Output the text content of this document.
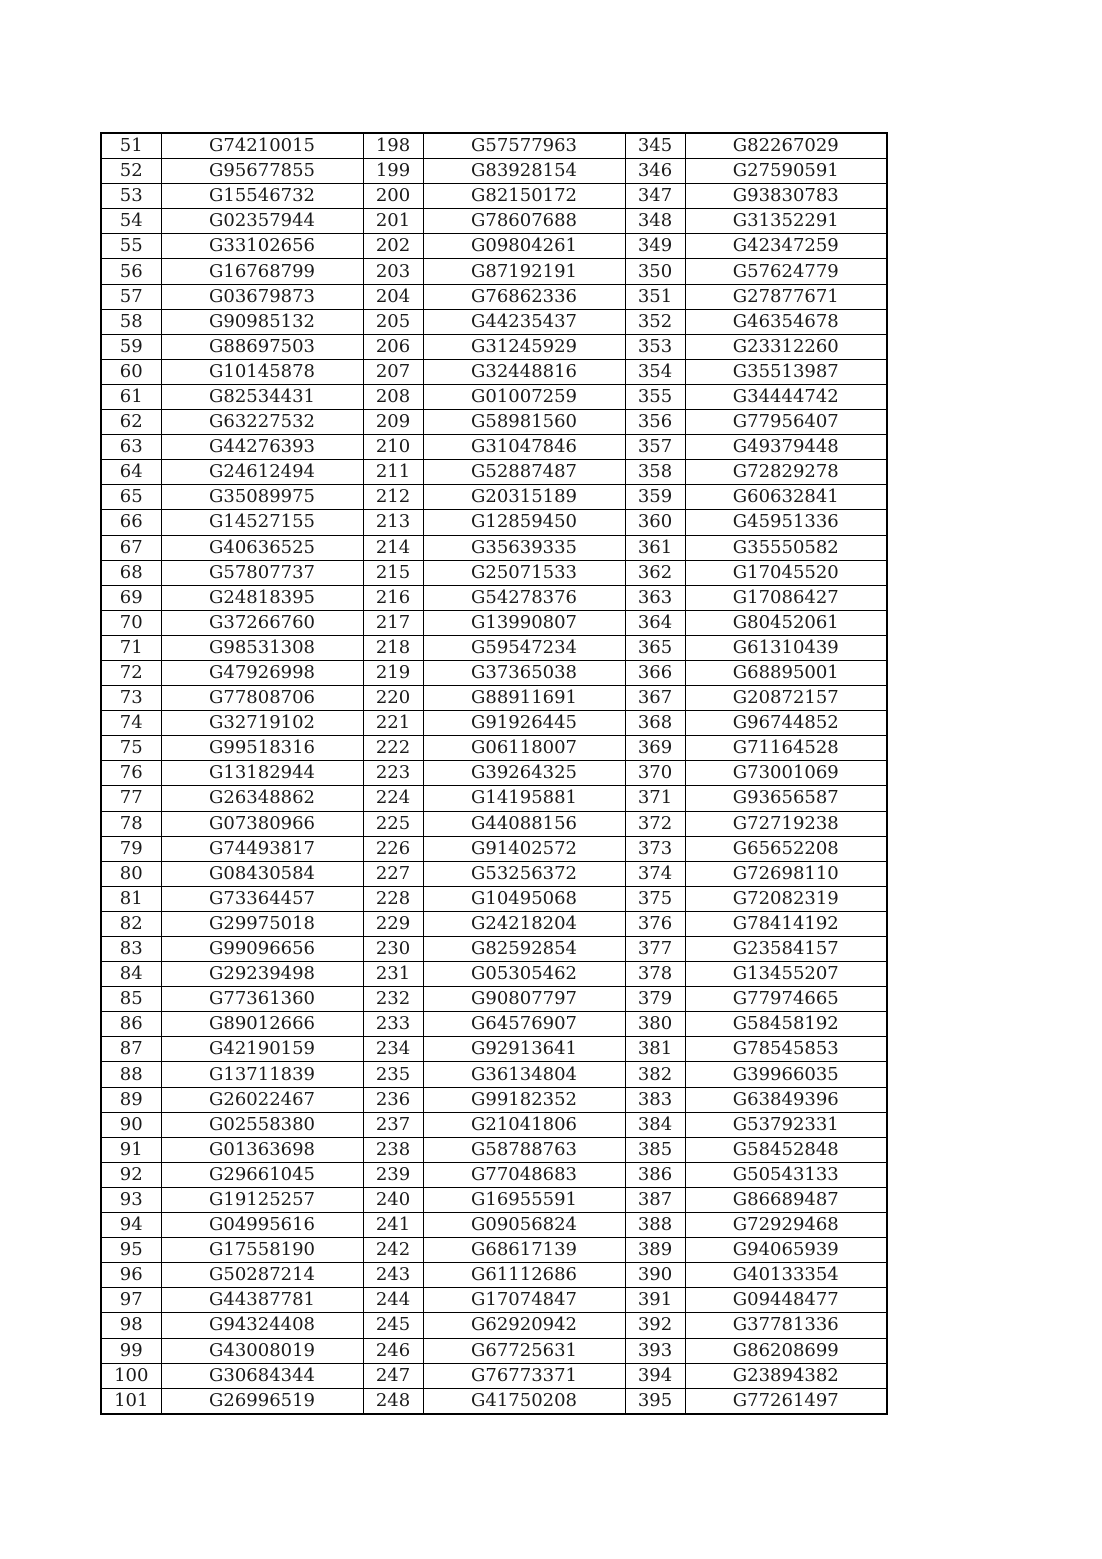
51	G74210015	198	G57577963	345	G82267029
52	G95677855	199	G83928154	346	G27590591
53	G15546732	200	G82150172	347	G93830783
54	G02357944	201	G78607688	348	G31352291
55	G33102656	202	G09804261	349	G42347259
56	G16768799	203	G87192191	350	G57624779
57	G03679873	204	G76862336	351	G27877671
58	G90985132	205	G44235437	352	G46354678
59	G88697503	206	G31245929	353	G23312260
60	G10145878	207	G32448816	354	G35513987
61	G82534431	208	G01007259	355	G34444742
62	G63227532	209	G58981560	356	G77956407
63	G44276393	210	G31047846	357	G49379448
64	G24612494	211	G52887487	358	G72829278
65	G35089975	212	G20315189	359	G60632841
66	G14527155	213	G12859450	360	G45951336
67	G40636525	214	G35639335	361	G35550582
68	G57807737	215	G25071533	362	G17045520
69	G24818395	216	G54278376	363	G17086427
70	G37266760	217	G13990807	364	G80452061
71	G98531308	218	G59547234	365	G61310439
72	G47926998	219	G37365038	366	G68895001
73	G77808706	220	G88911691	367	G20872157
74	G32719102	221	G91926445	368	G96744852
75	G99518316	222	G06118007	369	G71164528
76	G13182944	223	G39264325	370	G73001069
77	G26348862	224	G14195881	371	G93656587
78	G07380966	225	G44088156	372	G72719238
79	G74493817	226	G91402572	373	G65652208
80	G08430584	227	G53256372	374	G72698110
81	G73364457	228	G10495068	375	G72082319
82	G29975018	229	G24218204	376	G78414192
83	G99096656	230	G82592854	377	G23584157
84	G29239498	231	G05305462	378	G13455207
85	G77361360	232	G90807797	379	G77974665
86	G89012666	233	G64576907	380	G58458192
87	G42190159	234	G92913641	381	G78545853
88	G13711839	235	G36134804	382	G39966035
89	G26022467	236	G99182352	383	G63849396
90	G02558380	237	G21041806	384	G53792331
91	G01363698	238	G58788763	385	G58452848
92	G29661045	239	G77048683	386	G50543133
93	G19125257	240	G16955591	387	G86689487
94	G04995616	241	G09056824	388	G72929468
95	G17558190	242	G68617139	389	G94065939
96	G50287214	243	G61112686	390	G40133354
97	G44387781	244	G17074847	391	G09448477
98	G94324408	245	G62920942	392	G37781336
99	G43008019	246	G67725631	393	G86208699
100	G30684344	247	G76773371	394	G23894382
101	G26996519	248	G41750208	395	G77261497
